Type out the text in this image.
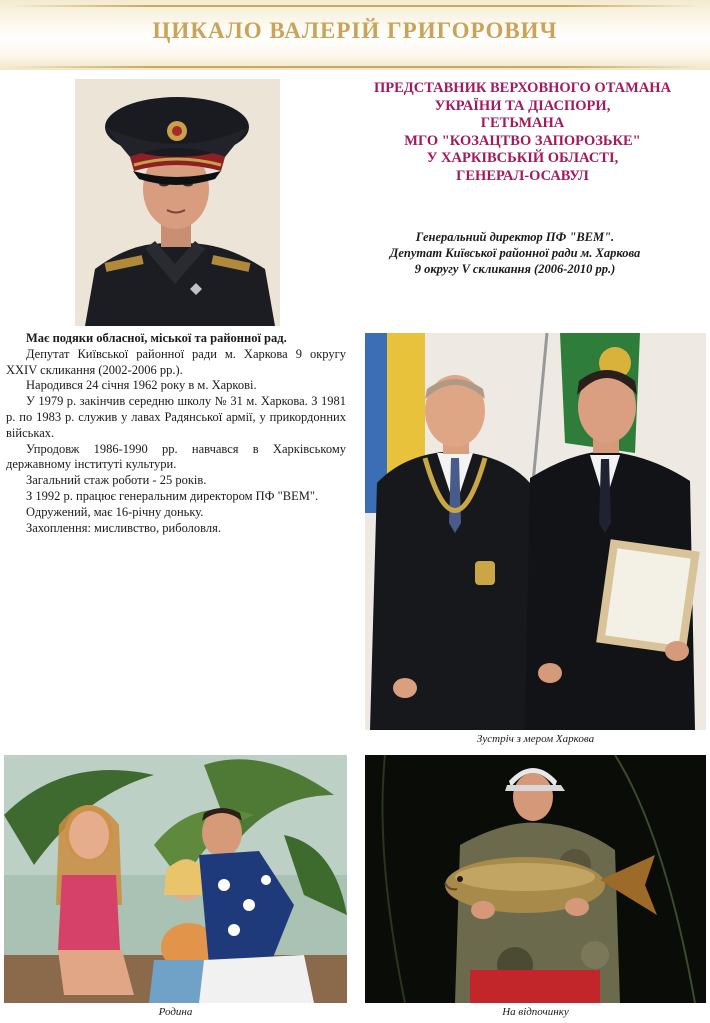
ЦИКАЛО ВАЛЕРІЙ ГРИГОРОВИЧ
ПРЕДСТАВНИК ВЕРХОВНОГО ОТАМАНА
УКРАЇНИ ТА ДІАСПОРИ,
ГЕТЬМАНА
МГО "КОЗАЦТВО ЗАПОРОЗЬКЕ"
У ХАРКІВСЬКІЙ ОБЛАСТІ,
ГЕНЕРАЛ-ОСАВУЛ
Генеральний директор ПФ "ВЕМ".
Депутат Київської районної ради м. Харкова
9 округу V скликання (2006-2010 рр.)

Має подяки обласної, міської та районної рад.

Депутат Київської районної ради м. Харкова 9 округу XXIV скликання (2002-2006 рр.).

Народився 24 січня 1962 року в м. Харкові.

У 1979 р. закінчив середню школу № 31 м. Харкова. З 1981 р. по 1983 р. служив у лавах Радянської армії, у прикордонних військах.

Упродовж 1986-1990 рр. навчався в Харківському державному інституті культури.

Загальний стаж роботи - 25 років.

З 1992 р. працює генеральним директором ПФ "ВЕМ".

Одружений, має 16-річну доньку.

Захоплення: мисливство, риболовля.

Зустріч з мером Харкова
Родина	На відпочинку
